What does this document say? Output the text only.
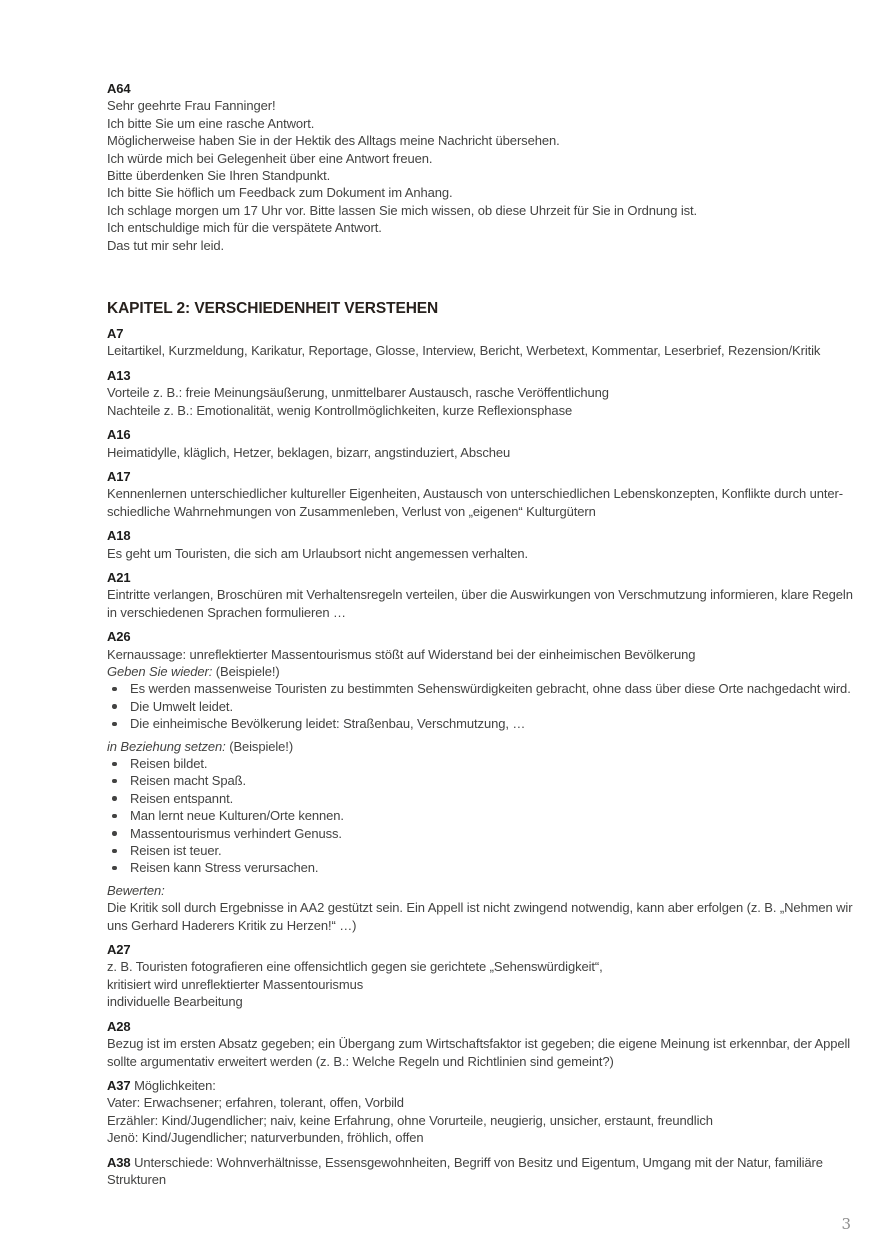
A64
Sehr geehrte Frau Fanninger!
Ich bitte Sie um eine rasche Antwort.
Möglicherweise haben Sie in der Hektik des Alltags meine Nachricht übersehen.
Ich würde mich bei Gelegenheit über eine Antwort freuen.
Bitte überdenken Sie Ihren Standpunkt.
Ich bitte Sie höflich um Feedback zum Dokument im Anhang.
Ich schlage morgen um 17 Uhr vor. Bitte lassen Sie mich wissen, ob diese Uhrzeit für Sie in Ordnung ist.
Ich entschuldige mich für die verspätete Antwort.
Das tut mir sehr leid.
KAPITEL 2: VERSCHIEDENHEIT VERSTEHEN
A7
Leitartikel, Kurzmeldung, Karikatur, Reportage, Glosse, Interview, Bericht, Werbetext, Kommentar, Leserbrief, Rezension/Kritik
A13
Vorteile z. B.: freie Meinungsäußerung, unmittelbarer Austausch, rasche Veröffentlichung
Nachteile z. B.: Emotionalität, wenig Kontrollmöglichkeiten, kurze Reflexionsphase
A16
Heimatidylle, kläglich, Hetzer, beklagen, bizarr, angstinduziert, Abscheu
A17
Kennenlernen unterschiedlicher kultureller Eigenheiten, Austausch von unterschiedlichen Lebenskonzepten, Konflikte durch unter-
schiedliche Wahrnehmungen von Zusammenleben, Verlust von „eigenen“ Kulturgütern
A18
Es geht um Touristen, die sich am Urlaubsort nicht angemessen verhalten.
A21
Eintritte verlangen, Broschüren mit Verhaltensregeln verteilen, über die Auswirkungen von Verschmutzung informieren, klare Regeln
in verschiedenen Sprachen formulieren …
A26
Kernaussage: unreflektierter Massentourismus stößt auf Widerstand bei der einheimischen Bevölkerung
Geben Sie wieder: (Beispiele!)
Es werden massenweise Touristen zu bestimmten Sehenswürdigkeiten gebracht, ohne dass über diese Orte nachgedacht wird.
Die Umwelt leidet.
Die einheimische Bevölkerung leidet: Straßenbau, Verschmutzung, …
in Beziehung setzen: (Beispiele!)
Reisen bildet.
Reisen macht Spaß.
Reisen entspannt.
Man lernt neue Kulturen/Orte kennen.
Massentourismus verhindert Genuss.
Reisen ist teuer.
Reisen kann Stress verursachen.
Bewerten:
Die Kritik soll durch Ergebnisse in AA2 gestützt sein. Ein Appell ist nicht zwingend notwendig, kann aber erfolgen (z. B. „Nehmen wir
uns Gerhard Haderers Kritik zu Herzen!“ …)
A27
z. B. Touristen fotografieren eine offensichtlich gegen sie gerichtete „Sehenswürdigkeit“,
kritisiert wird unreflektierter Massentourismus
individuelle Bearbeitung
A28
Bezug ist im ersten Absatz gegeben; ein Übergang zum Wirtschaftsfaktor ist gegeben; die eigene Meinung ist erkennbar, der Appell
sollte argumentativ erweitert werden (z. B.: Welche Regeln und Richtlinien sind gemeint?)
A37 Möglichkeiten:
Vater: Erwachsener; erfahren, tolerant, offen, Vorbild
Erzähler: Kind/Jugendlicher; naiv, keine Erfahrung, ohne Vorurteile, neugierig, unsicher, erstaunt, freundlich
Jenö: Kind/Jugendlicher; naturverbunden, fröhlich, offen
A38 Unterschiede: Wohnverhältnisse, Essensgewohnheiten, Begriff von Besitz und Eigentum, Umgang mit der Natur, familiäre
Strukturen
3
